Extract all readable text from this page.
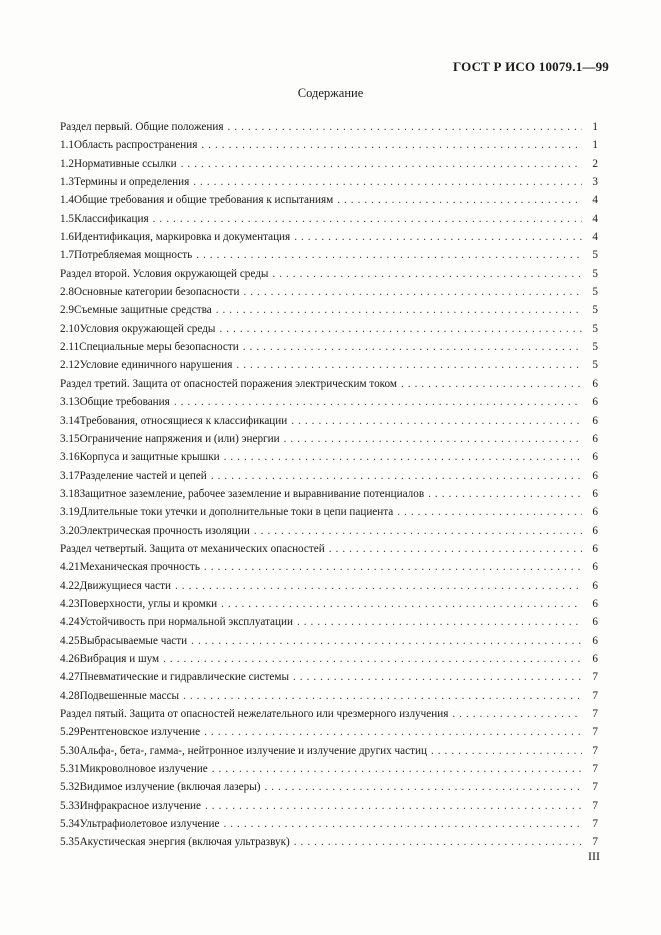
ГОСТ Р ИСО 10079.1—99
Содержание
Раздел первый. Общие положения . . .	1
1.1 Область распространения . . .	1
1.2 Нормативные ссылки . . .	2
1.3 Термины и определения . . .	3
1.4 Общие требования и общие требования к испытаниям . . .	4
1.5 Классификация . . .	4
1.6 Идентификация, маркировка и документация . . .	4
1.7 Потребляемая мощность . . .	5
Раздел второй. Условия окружающей среды . . .	5
2.8 Основные категории безопасности . . .	5
2.9 Съемные защитные средства . . .	5
2.10 Условия окружающей среды . . .	5
2.11 Специальные меры безопасности . . .	5
2.12 Условие единичного нарушения . . .	5
Раздел третий. Защита от опасностей поражения электрическим током . . .	6
3.13 Общие требования . . .	6
3.14 Требования, относящиеся к классификации . . .	6
3.15 Ограничение напряжения и (или) энергии . . .	6
3.16 Корпуса и защитные крышки . . .	6
3.17 Разделение частей и цепей . . .	6
3.18 Защитное заземление, рабочее заземление и выравнивание потенциалов . . .	6
3.19 Длительные токи утечки и дополнительные токи в цепи пациента . . .	6
3.20 Электрическая прочность изоляции . . .	6
Раздел четвертый. Защита от механических опасностей . . .	6
4.21 Механическая прочность . . .	6
4.22 Движущиеся части . . .	6
4.23 Поверхности, углы и кромки . . .	6
4.24 Устойчивость при нормальной эксплуатации . . .	6
4.25 Выбрасываемые части . . .	6
4.26 Вибрация и шум . . .	6
4.27 Пневматические и гидравлические системы . . .	7
4.28 Подвешенные массы . . .	7
Раздел пятый. Защита от опасностей нежелательного или чрезмерного излучения . . .	7
5.29 Рентгеновское излучение . . .	7
5.30 Альфа-, бета-, гамма-, нейтронное излучение и излучение других частиц . . .	7
5.31 Микроволновое излучение . . .	7
5.32 Видимое излучение (включая лазеры) . . .	7
5.33 Инфракрасное излучение . . .	7
5.34 Ультрафиолетовое излучение . . .	7
5.35 Акустическая энергия (включая ультразвук) . . .	7
III
